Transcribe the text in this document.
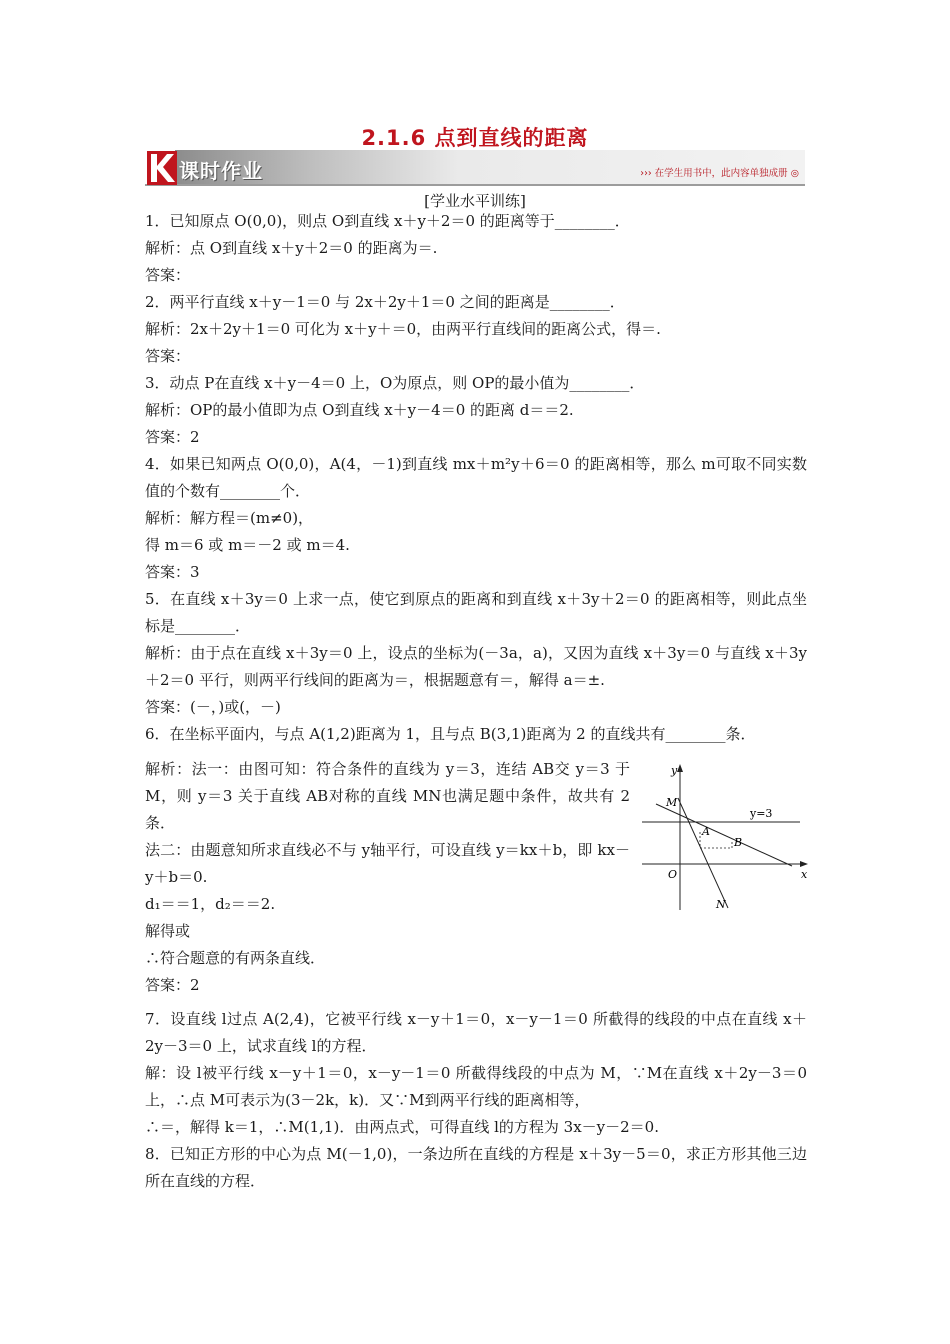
2.1.6 点到直线的距离
课时作业	››› 在学生用书中，此内容单独成册 ◎
[学业水平训练]
1．已知原点 O(0,0)，则点 O到直线 x＋y＋2＝0 的距离等于________．
解析：点 O到直线 x＋y＋2＝0 的距离为＝.
答案：
2．两平行直线 x＋y－1＝0 与 2x＋2y＋1＝0 之间的距离是________．
解析：2x＋2y＋1＝0 可化为 x＋y＋＝0，由两平行直线间的距离公式，得＝.
答案：
3．动点 P在直线 x＋y－4＝0 上，O为原点，则 OP的最小值为________．
解析：OP的最小值即为点 O到直线 x＋y－4＝0 的距离 d＝＝2.
答案：2
4．如果已知两点 O(0,0)，A(4，－1)到直线 mx＋m²y＋6＝0 的距离相等，那么 m可取不同实数值的个数有________个．
解析：解方程＝(m≠0)，
得 m＝6 或 m＝－2 或 m＝4.
答案：3
5．在直线 x＋3y＝0 上求一点，使它到原点的距离和到直线 x＋3y＋2＝0 的距离相等，则此点坐标是________．
解析：由于点在直线 x＋3y＝0 上，设点的坐标为(－3a，a)，又因为直线 x＋3y＝0 与直线 x＋3y＋2＝0 平行，则两平行线间的距离为＝，根据题意有＝，解得 a＝±.
答案：(－，)或(，－)
6．在坐标平面内，与点 A(1,2)距离为 1，且与点 B(3,1)距离为 2 的直线共有________条．
解析：法一：由图可知：符合条件的直线为 y＝3，连结 AB交 y＝3 于 M，则 y＝3 关于直线 AB对称的直线 MN也满足题中条件，故共有 2 条．
法二：由题意知所求直线必不与 y轴平行，可设直线 y＝kx＋b，即 kx－y＋b＝0.
d₁＝＝1，d₂＝＝2.
解得或
∴符合题意的有两条直线．
答案：2
y
x
O
y=3
A
B
M
N
7．设直线 l过点 A(2,4)，它被平行线 x－y＋1＝0，x－y－1＝0 所截得的线段的中点在直线 x＋2y－3＝0 上，试求直线 l的方程．
解：设 l被平行线 x－y＋1＝0，x－y－1＝0 所截得线段的中点为 M，∵M在直线 x＋2y－3＝0 上，∴点 M可表示为(3－2k，k)．又∵M到两平行线的距离相等，
∴＝，解得 k＝1，∴M(1,1)．由两点式，可得直线 l的方程为 3x－y－2＝0.
8．已知正方形的中心为点 M(－1,0)，一条边所在直线的方程是 x＋3y－5＝0，求正方形其他三边所在直线的方程．
